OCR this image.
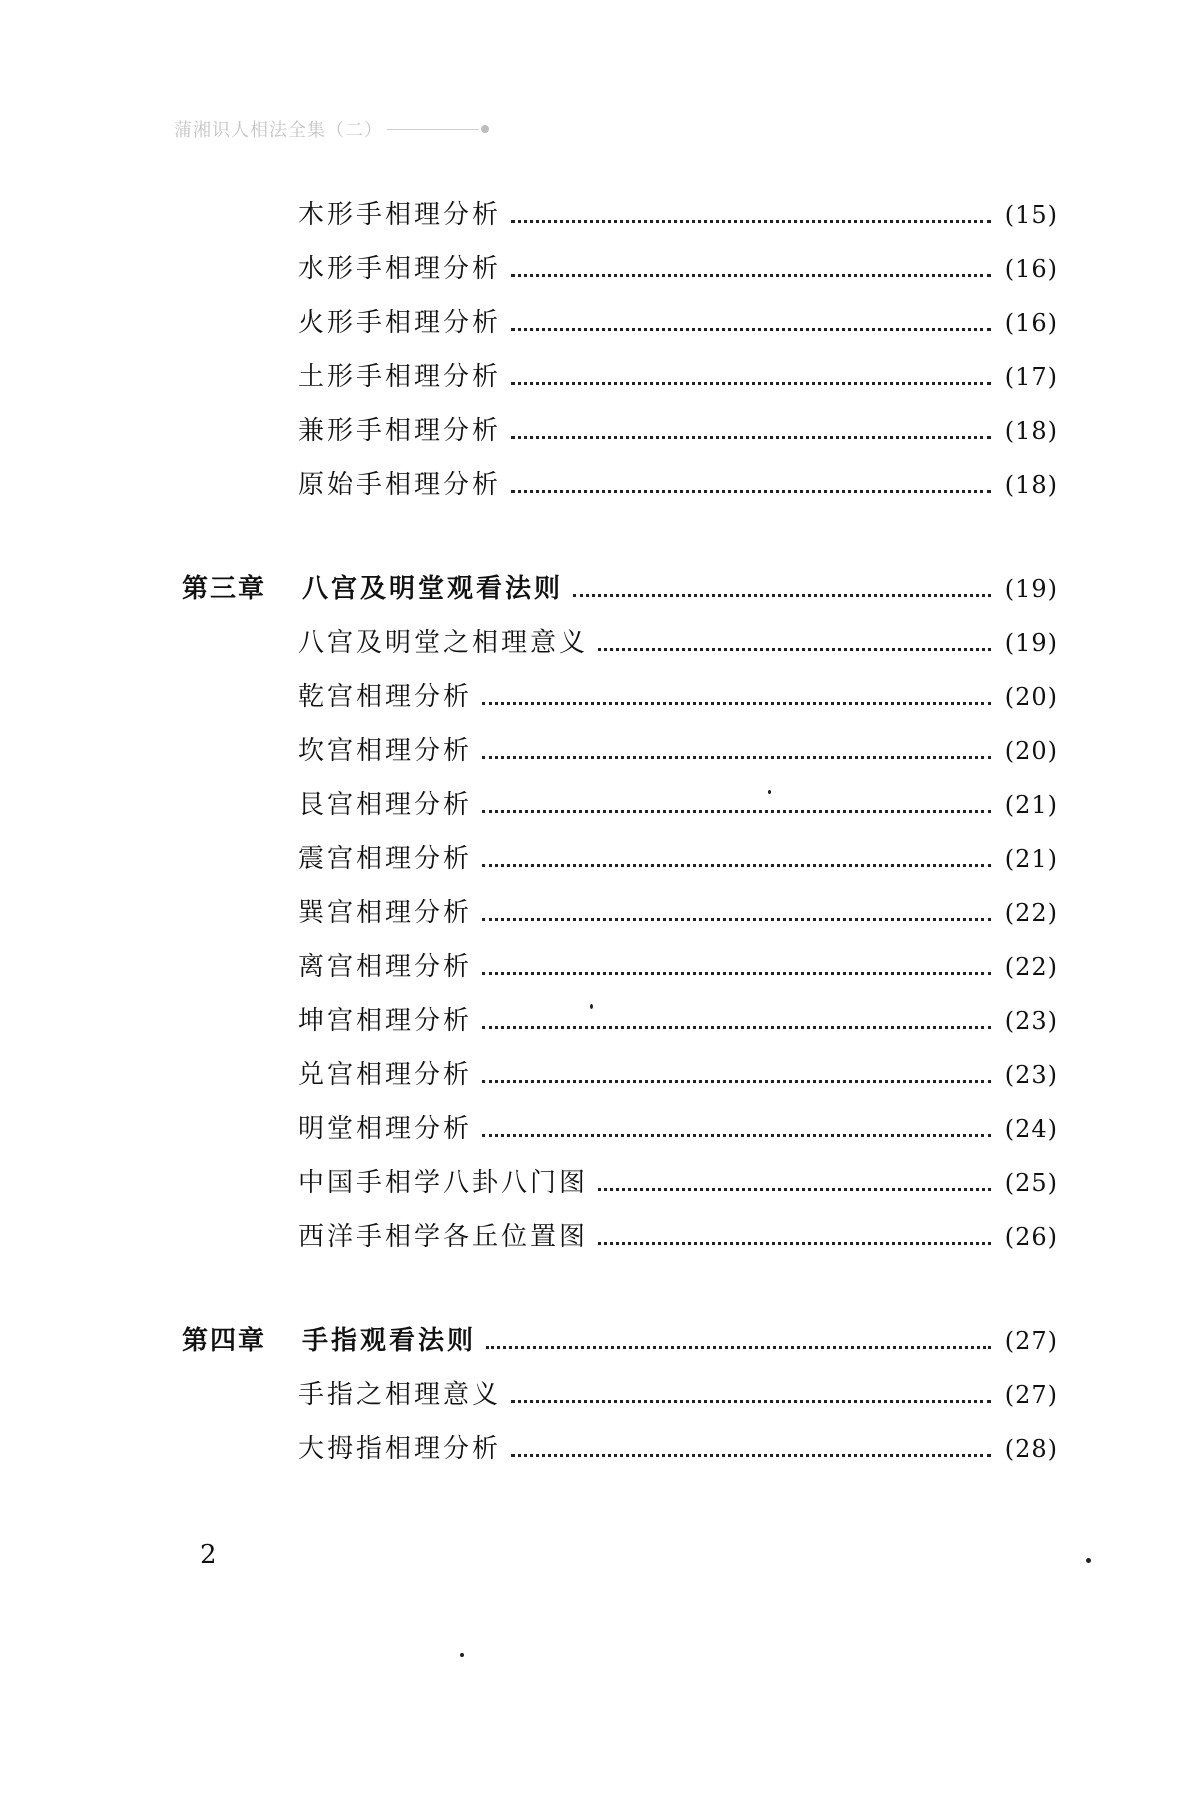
蒲湘识人相法全集（二）
木形手相理分析	(15)
水形手相理分析	(16)
火形手相理分析	(16)
土形手相理分析	(17)
兼形手相理分析	(18)
原始手相理分析	(18)
第三章	八宫及明堂观看法则	(19)
八宫及明堂之相理意义	(19)
乾宫相理分析	(20)
坎宫相理分析	(20)
艮宫相理分析	(21)
震宫相理分析	(21)
巽宫相理分析	(22)
离宫相理分析	(22)
坤宫相理分析	(23)
兑宫相理分析	(23)
明堂相理分析	(24)
中国手相学八卦八门图	(25)
西洋手相学各丘位置图	(26)
第四章	手指观看法则	(27)
手指之相理意义	(27)
大拇指相理分析	(28)
2
